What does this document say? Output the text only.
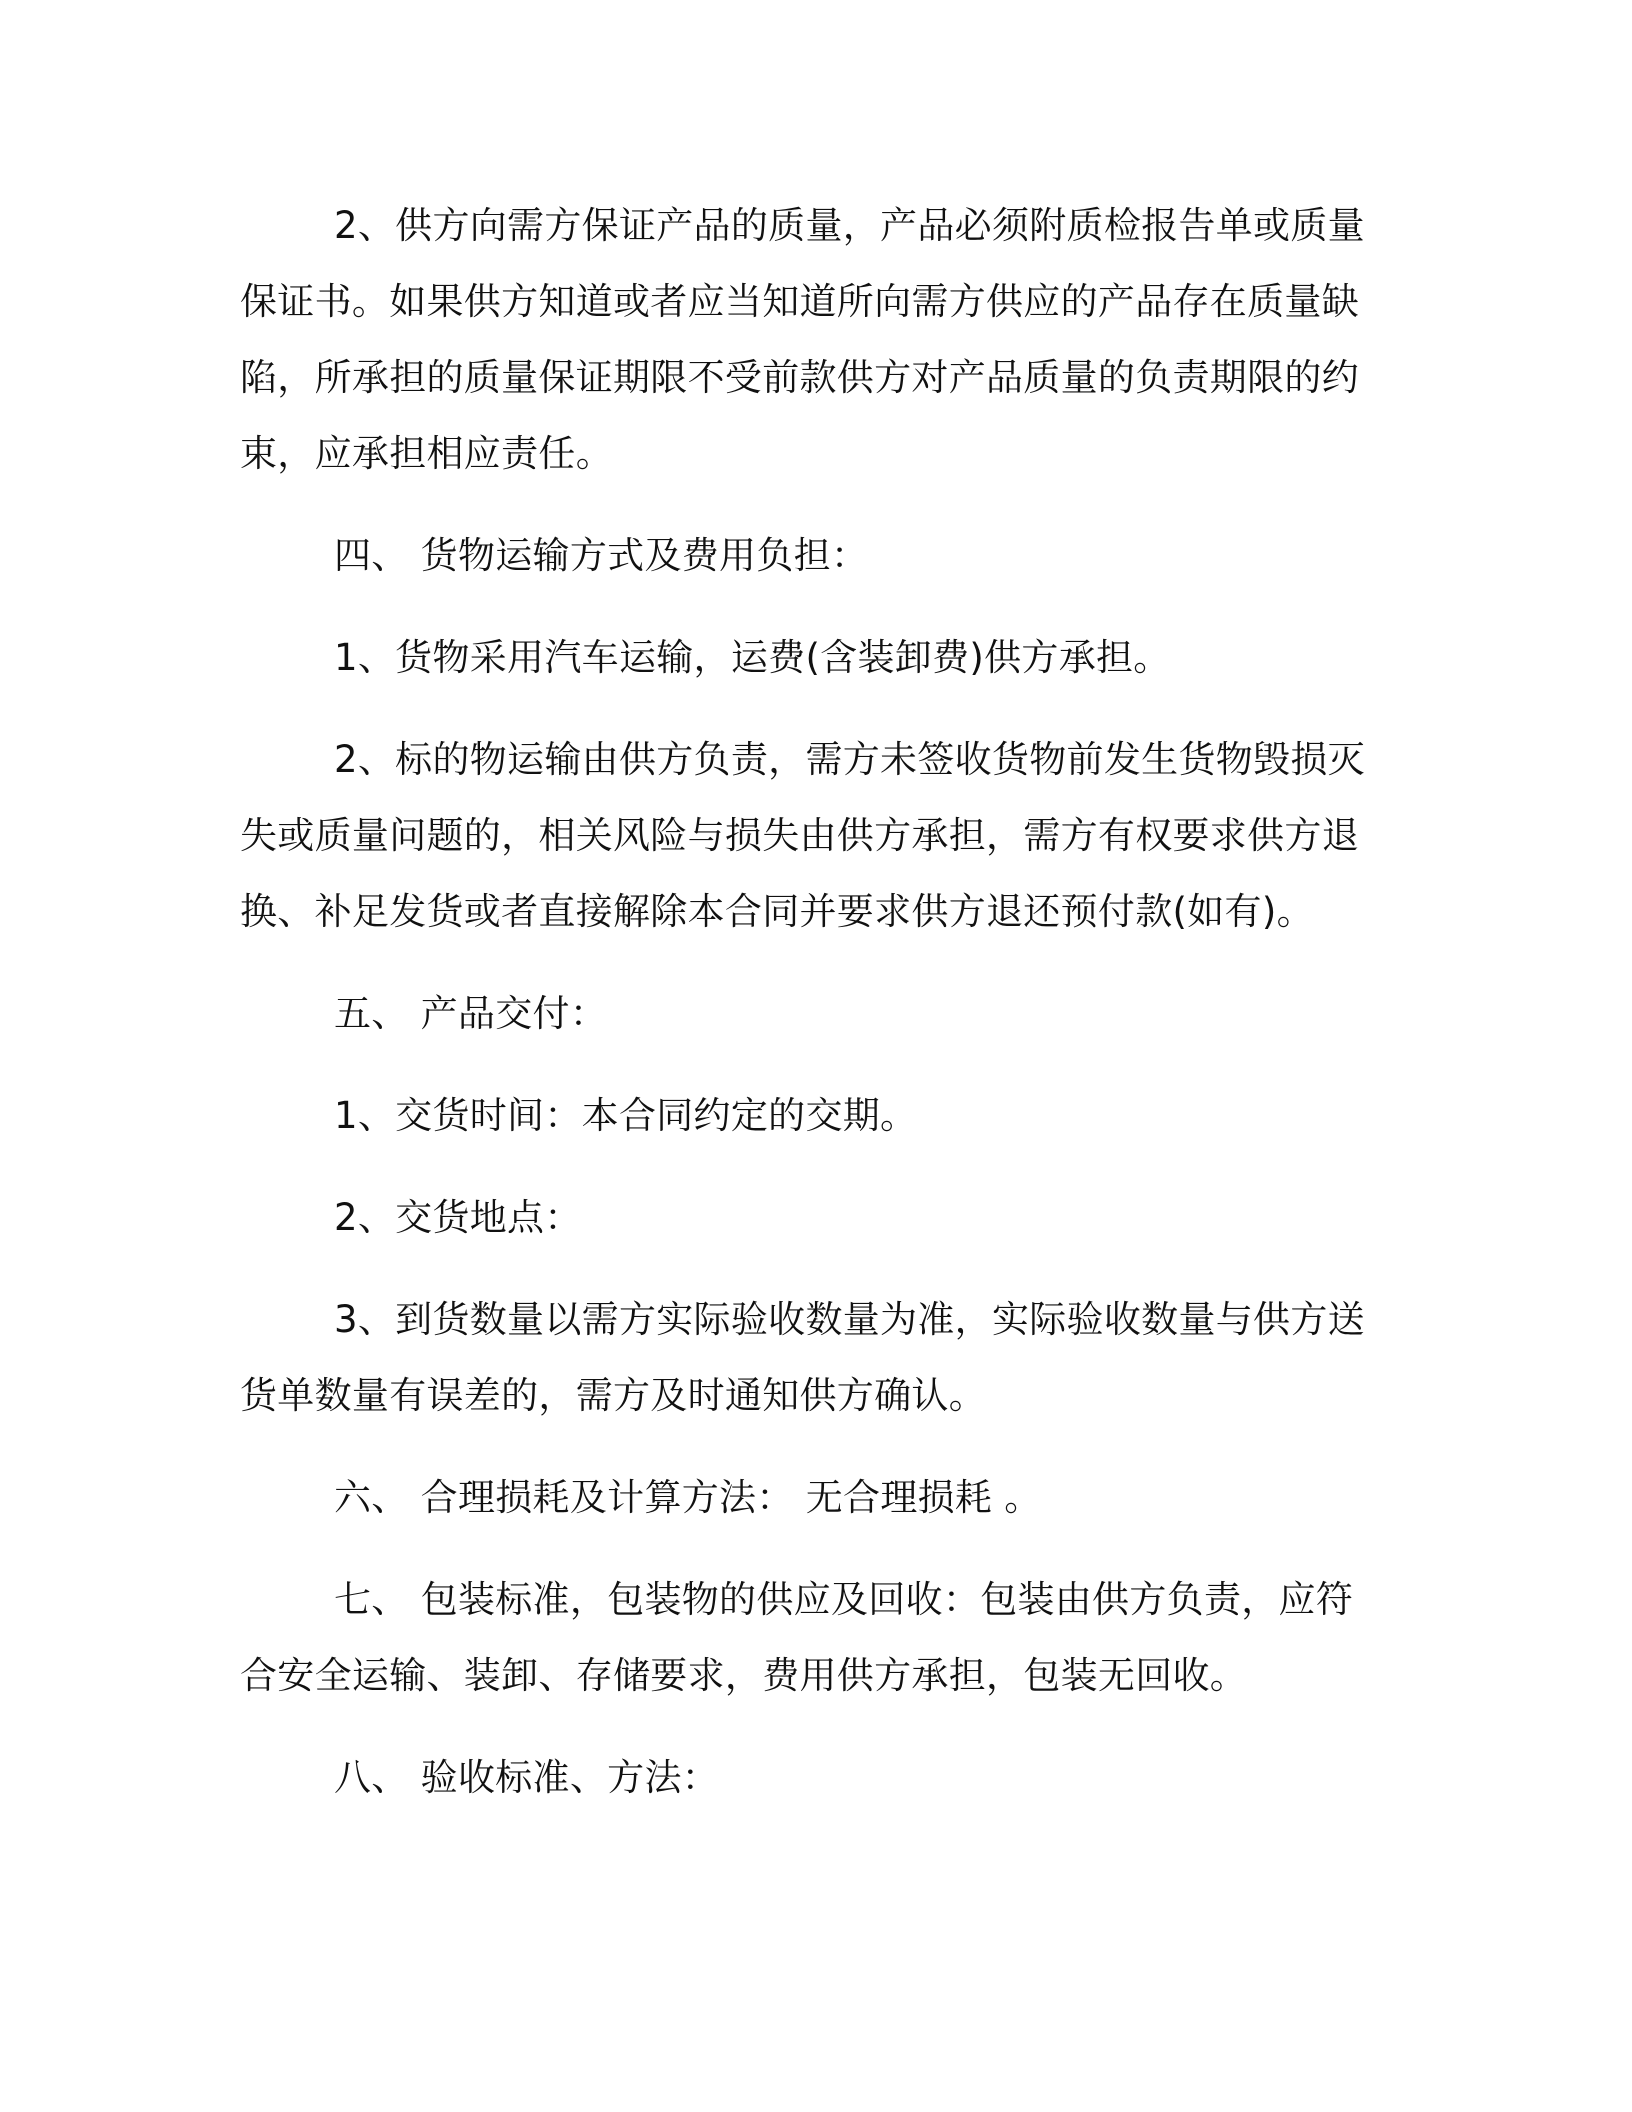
2、供方向需方保证产品的质量，产品必须附质检报告单或质量保证书。如果供方知道或者应当知道所向需方供应的产品存在质量缺陷，所承担的质量保证期限不受前款供方对产品质量的负责期限的约束，应承担相应责任。

四、 货物运输方式及费用负担：

1、货物采用汽车运输，运费(含装卸费)供方承担。

2、标的物运输由供方负责，需方未签收货物前发生货物毁损灭失或质量问题的，相关风险与损失由供方承担，需方有权要求供方退换、补足发货或者直接解除本合同并要求供方退还预付款(如有)。

五、 产品交付：

1、交货时间：本合同约定的交期。

2、交货地点：

3、到货数量以需方实际验收数量为准，实际验收数量与供方送货单数量有误差的，需方及时通知供方确认。

六、 合理损耗及计算方法： 无合理损耗 。

七、 包装标准，包装物的供应及回收：包装由供方负责，应符合安全运输、装卸、存储要求，费用供方承担，包装无回收。

八、 验收标准、方法：
